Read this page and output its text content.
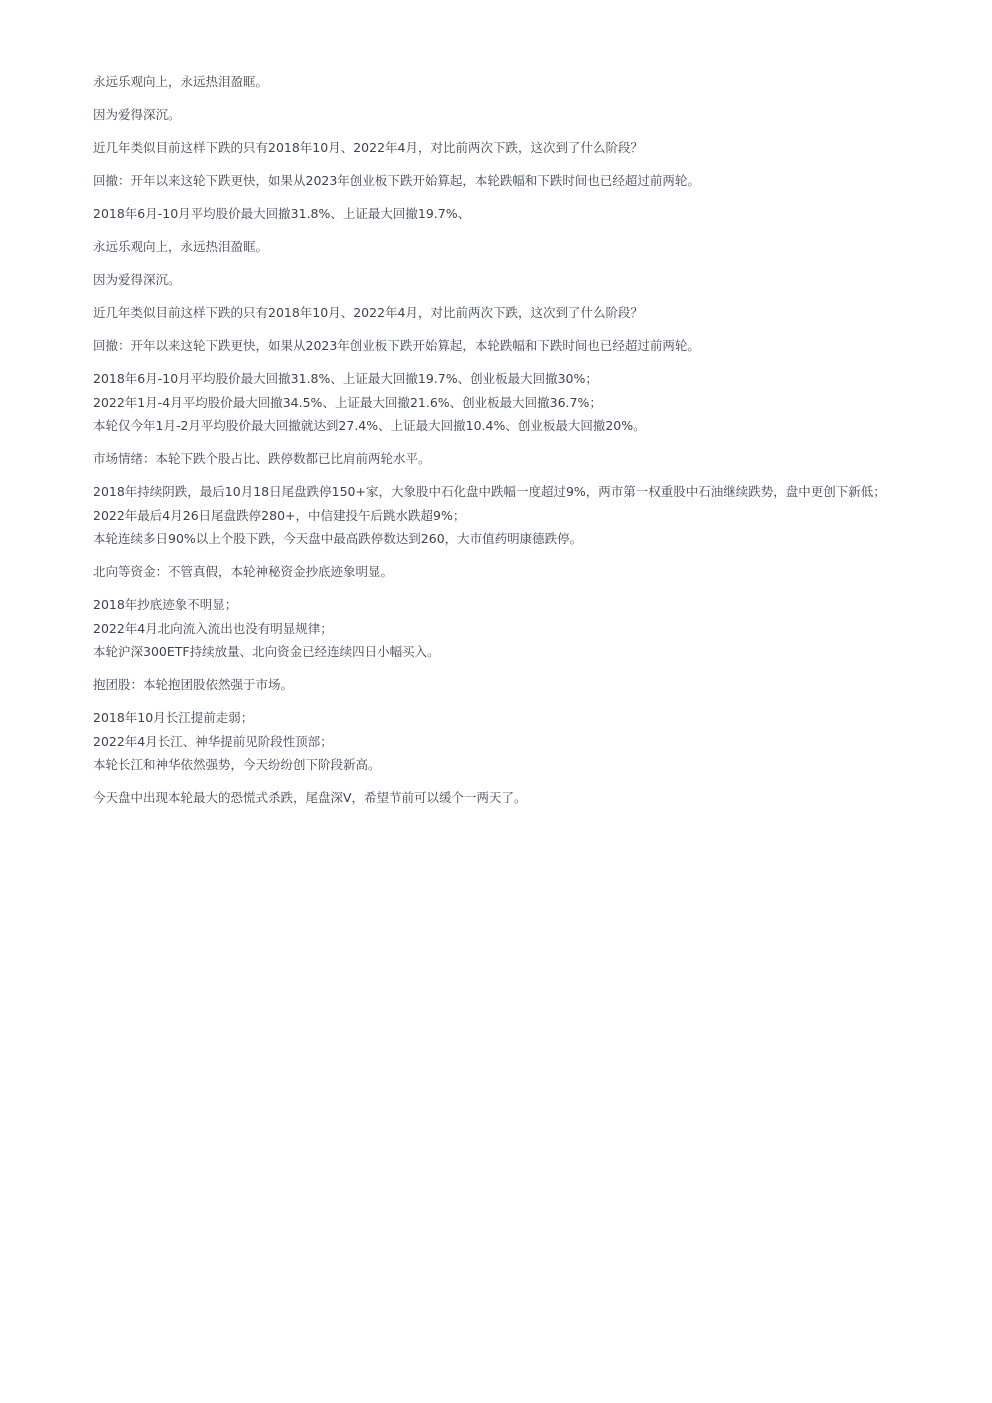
永远乐观向上，永远热泪盈眶。

因为爱得深沉。

近几年类似目前这样下跌的只有2018年10月、2022年4月，对比前两次下跌，这次到了什么阶段？

回撤：开年以来这轮下跌更快，如果从2023年创业板下跌开始算起，本轮跌幅和下跌时间也已经超过前两轮。

2018年6月-10月平均股价最大回撤31.8%、上证最大回撤19.7%、

永远乐观向上，永远热泪盈眶。

因为爱得深沉。

近几年类似目前这样下跌的只有2018年10月、2022年4月，对比前两次下跌，这次到了什么阶段？

回撤：开年以来这轮下跌更快，如果从2023年创业板下跌开始算起，本轮跌幅和下跌时间也已经超过前两轮。

2018年6月-10月平均股价最大回撤31.8%、上证最大回撤19.7%、创业板最大回撤30%；
2022年1月-4月平均股价最大回撤34.5%、上证最大回撤21.6%、创业板最大回撤36.7%；
本轮仅今年1月-2月平均股价最大回撤就达到27.4%、上证最大回撤10.4%、创业板最大回撤20%。

市场情绪：本轮下跌个股占比、跌停数都已比肩前两轮水平。

2018年持续阴跌，最后10月18日尾盘跌停150+家，大象股中石化盘中跌幅一度超过9%，两市第一权重股中石油继续跌势，盘中更创下新低；
2022年最后4月26日尾盘跌停280+，中信建投午后跳水跌超9%；
本轮连续多日90%以上个股下跌，今天盘中最高跌停数达到260，大市值药明康德跌停。

北向等资金：不管真假，本轮神秘资金抄底迹象明显。

2018年抄底迹象不明显；
2022年4月北向流入流出也没有明显规律；
本轮沪深300ETF持续放量、北向资金已经连续四日小幅买入。

抱团股：本轮抱团股依然强于市场。

2018年10月长江提前走弱；
2022年4月长江、神华提前见阶段性顶部；
本轮长江和神华依然强势，今天纷纷创下阶段新高。

今天盘中出现本轮最大的恐慌式杀跌，尾盘深V，希望节前可以缓个一两天了。
